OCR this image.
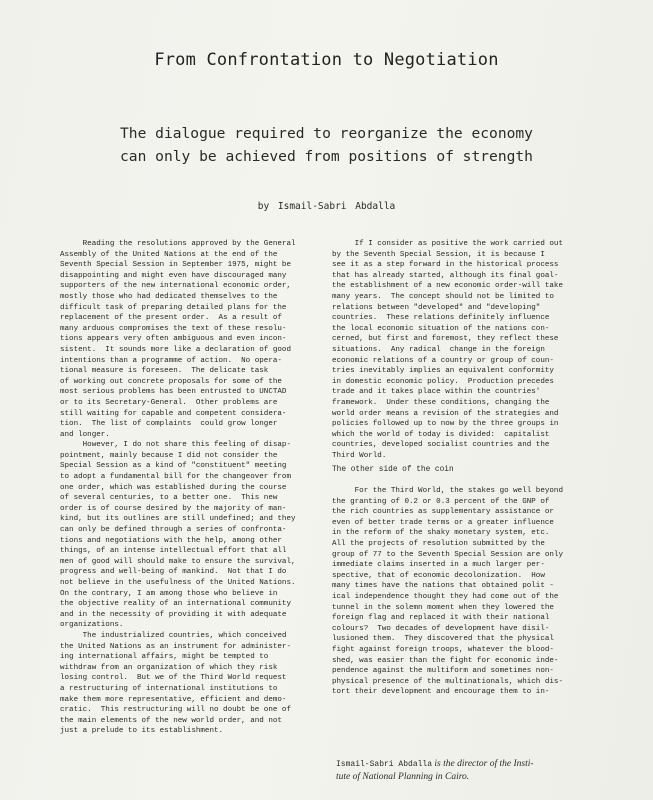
From Confrontation to Negotiation
The dialogue required to reorganize the economy
can only be achieved from positions of strength
by Ismail-Sabri Abdalla
Reading the resolutions approved by the General
Assembly of the United Nations at the end of the
Seventh Special Session in September 1975, might be
disappointing and might even have discouraged many
supporters of the new international economic order,
mostly those who had dedicated themselves to the
difficult task of preparing detailed plans for the
replacement of the present order.  As a result of
many arduous compromises the text of these resolu-
tions appears very often ambiguous and even incon-
sistent.  It sounds more like a declaration of good
intentions than a programme of action.  No opera-
tional measure is foreseen.  The delicate task
of working out concrete proposals for some of the
most serious problems has been entrusted to UNCTAD
or to its Secretary-General.  Other problems are
still waiting for capable and competent considera-
tion.  The list of complaints  could grow longer
and longer.
However, I do not share this feeling of disap-
pointment, mainly because I did not consider the
Special Session as a kind of "constituent" meeting
to adopt a fundamental bill for the changeover from
one order, which was established during the course
of several centuries, to a better one.  This new
order is of course desired by the majority of man-
kind, but its outlines are still undefined; and they
can only be defined through a series of confronta-
tions and negotiations with the help, among other
things, of an intense intellectual effort that all
men of good will should make to ensure the survival,
progress and well-being of mankind.  Not that I do
not believe in the usefulness of the United Nations.
On the contrary, I am among those who believe in
the objective reality of an international community
and in the necessity of providing it with adequate
organizations.
The industrialized countries, which conceived
the United Nations as an instrument for administer-
ing international affairs, might be tempted to
withdraw from an organization of which they risk
losing control.  But we of the Third World request
a restructuring of international institutions to
make them more representative, efficient and demo-
cratic.  This restructuring will no doubt be one of
the main elements of the new world order, and not
just a prelude to its establishment.
If I consider as positive the work carried out
by the Seventh Special Session, it is because I
see it as a step forward in the historical process
that has already started, although its final goal-
the establishment of a new economic order-will take
many years.  The concept should not be limited to
relations between "developed" and "developing"
countries.  These relations definitely influence
the local economic situation of the nations con-
cerned, but first and foremost, they reflect these
situations.  Any radical  change in the foreign
economic relations of a country or group of coun-
tries inevitably implies an equivalent conformity
in domestic economic policy.  Production precedes
trade and it takes place within the countries'
framework.  Under these conditions, changing the
world order means a revision of the strategies and
policies followed up to now by the three groups in
which the world of today is divided:  capitalist
countries, developed socialist countries and the
Third World.
The other side of the coin
For the Third World, the stakes go well beyond
the granting of 0.2 or 0.3 percent of the GNP of
the rich countries as supplementary assistance or
even of better trade terms or a greater influence
in the reform of the shaky monetary system, etc.
All the projects of resolution submitted by the
group of 77 to the Seventh Special Session are only
immediate claims inserted in a much larger per-
spective, that of economic decolonization.  How
many times have the nations that obtained polit -
ical independence thought they had come out of the
tunnel in the solemn moment when they lowered the
foreign flag and replaced it with their national
colours?  Two decades of development have disil-
lusioned them.  They discovered that the physical
fight against foreign troops, whatever the blood-
shed, was easier than the fight for economic inde-
pendence against the multiform and sometimes non-
physical presence of the multinationals, which dis-
tort their development and encourage them to in-
Ismail-Sabri Abdalla is the director of the Insti-
tute of National Planning in Cairo.
